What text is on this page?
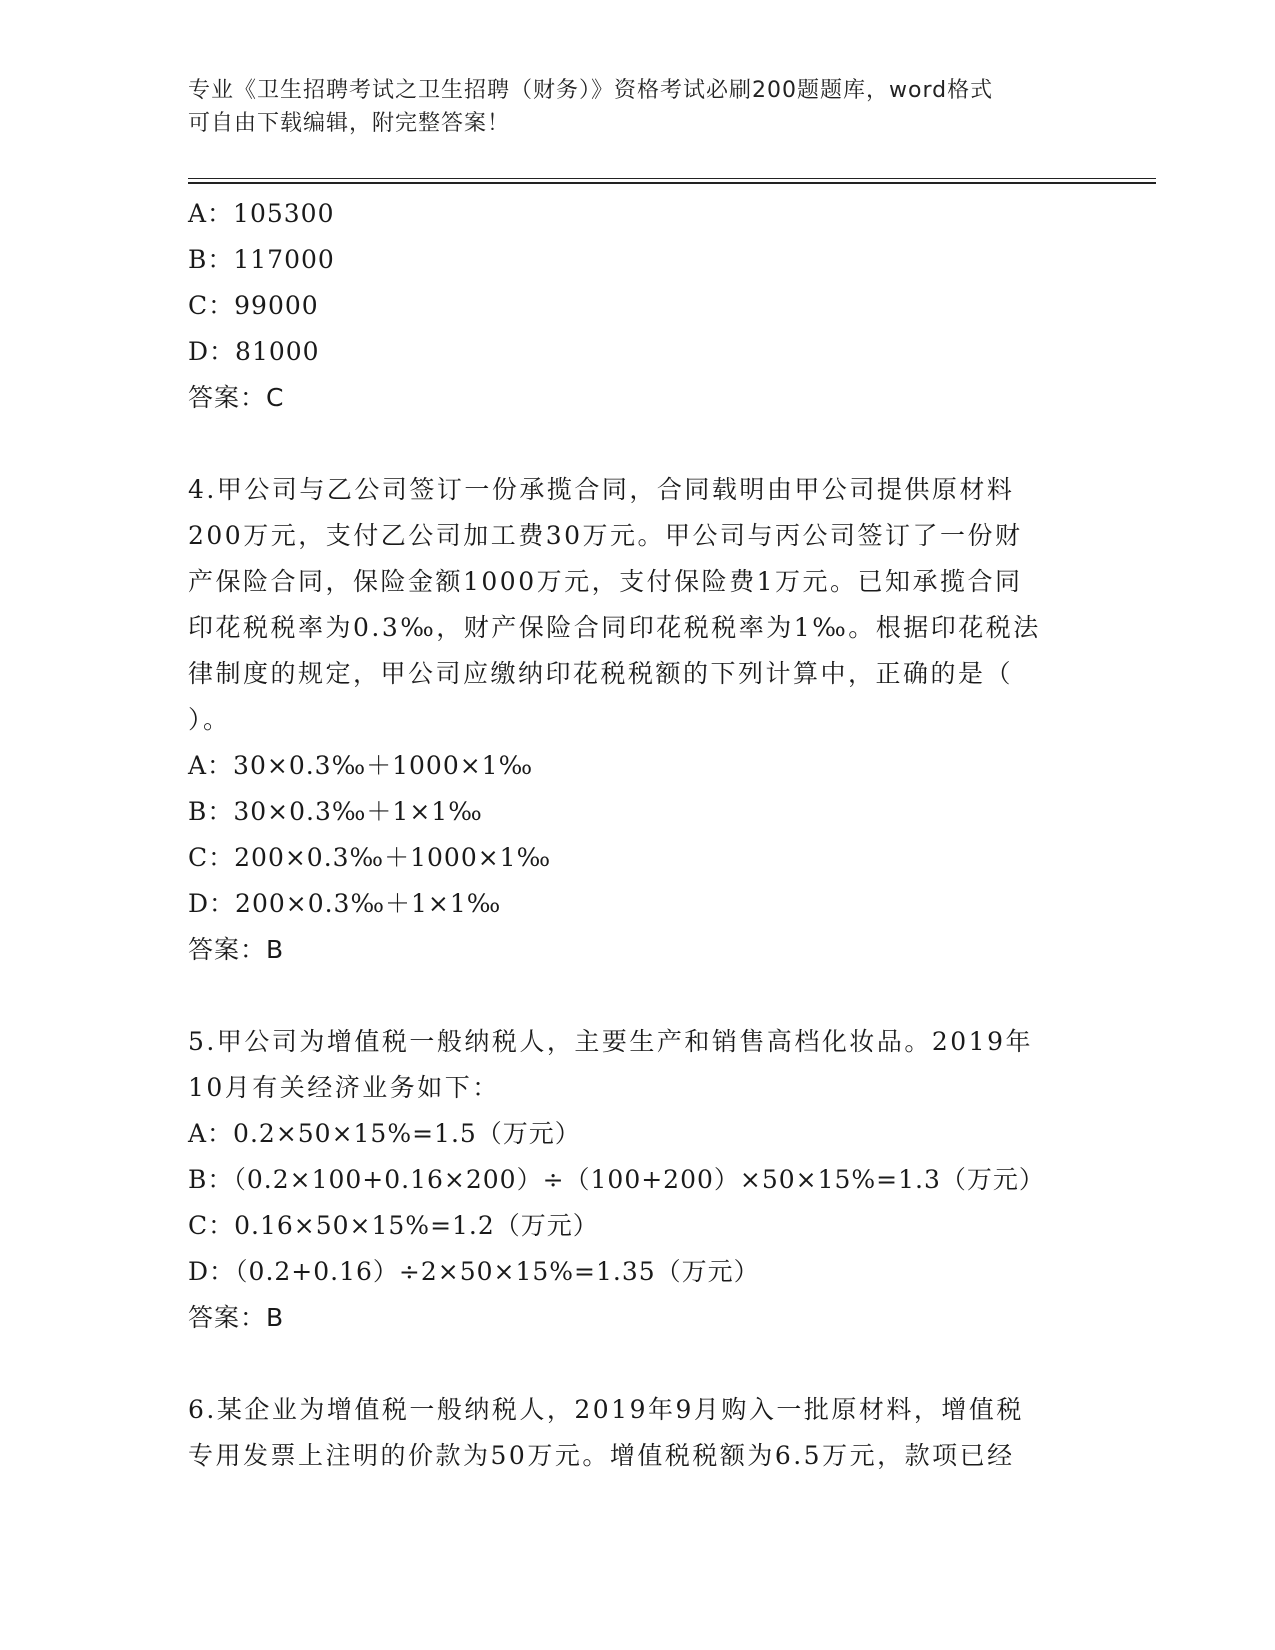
专业《卫生招聘考试之卫生招聘（财务）》资格考试必刷200题题库，word格式
可自由下载编辑，附完整答案！
A：105300
B：117000
C：99000
D：81000
答案：C
4.甲公司与乙公司签订一份承揽合同，合同载明由甲公司提供原材料
200万元，支付乙公司加工费30万元。甲公司与丙公司签订了一份财
产保险合同，保险金额1000万元，支付保险费1万元。已知承揽合同
印花税税率为0.3‰，财产保险合同印花税税率为1‰。根据印花税法
律制度的规定，甲公司应缴纳印花税税额的下列计算中，正确的是（
）。
A：30×0.3‰＋1000×1‰
B：30×0.3‰＋1×1‰
C：200×0.3‰＋1000×1‰
D：200×0.3‰＋1×1‰
答案：B
5.甲公司为增值税一般纳税人，主要生产和销售高档化妆品。2019年
10月有关经济业务如下：
A：0.2×50×15%=1.5（万元）
B：（0.2×100+0.16×200）÷（100+200）×50×15%=1.3（万元）
C：0.16×50×15%=1.2（万元）
D：（0.2+0.16）÷2×50×15%=1.35（万元）
答案：B
6.某企业为增值税一般纳税人，2019年9月购入一批原材料，增值税
专用发票上注明的价款为50万元。增值税税额为6.5万元，款项已经
